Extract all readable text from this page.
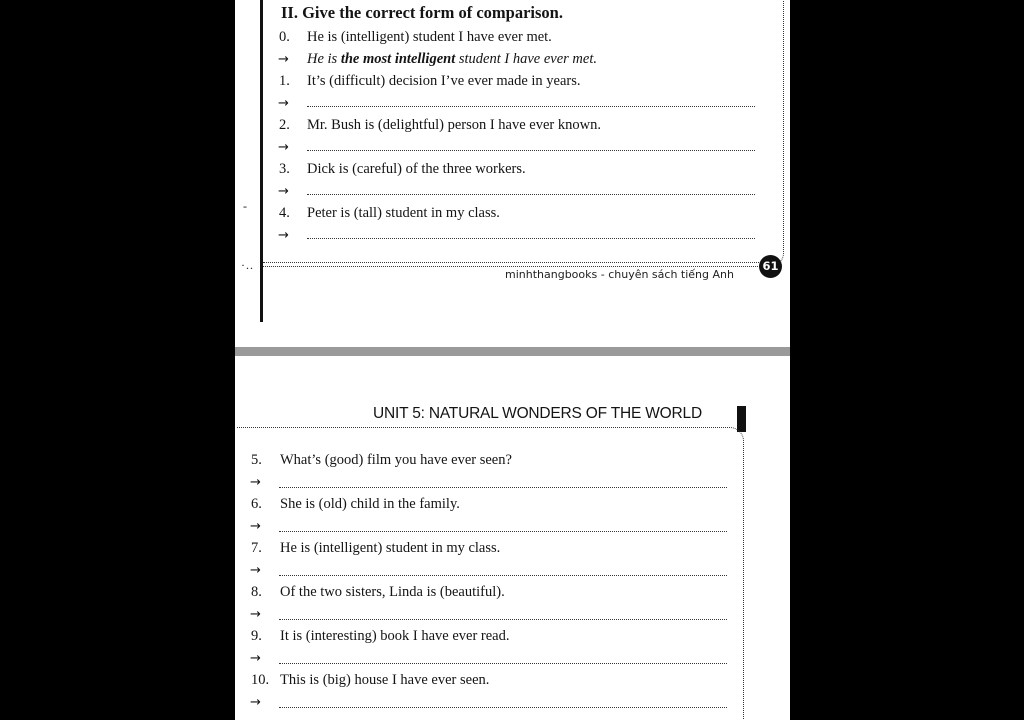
-
·..
II. Give the correct form of comparison.
0. He is (intelligent) student I have ever met.
→ He is the most intelligent student I have ever met.
1. It’s (difficult) decision I’ve ever made in years.
→
2. Mr. Bush is (delightful) person I have ever known.
→
3. Dick is (careful) of the three workers.
→
4. Peter is (tall) student in my class.
→
minhthangbooks - chuyên sách tiếng Anh
61
UNIT 5: NATURAL WONDERS OF THE WORLD
5. What’s (good) film you have ever seen?
→
6. She is (old) child in the family.
→
7. He is (intelligent) student in my class.
→
8. Of the two sisters, Linda is (beautiful).
→
9. It is (interesting) book I have ever read.
→
10. This is (big) house I have ever seen.
→
